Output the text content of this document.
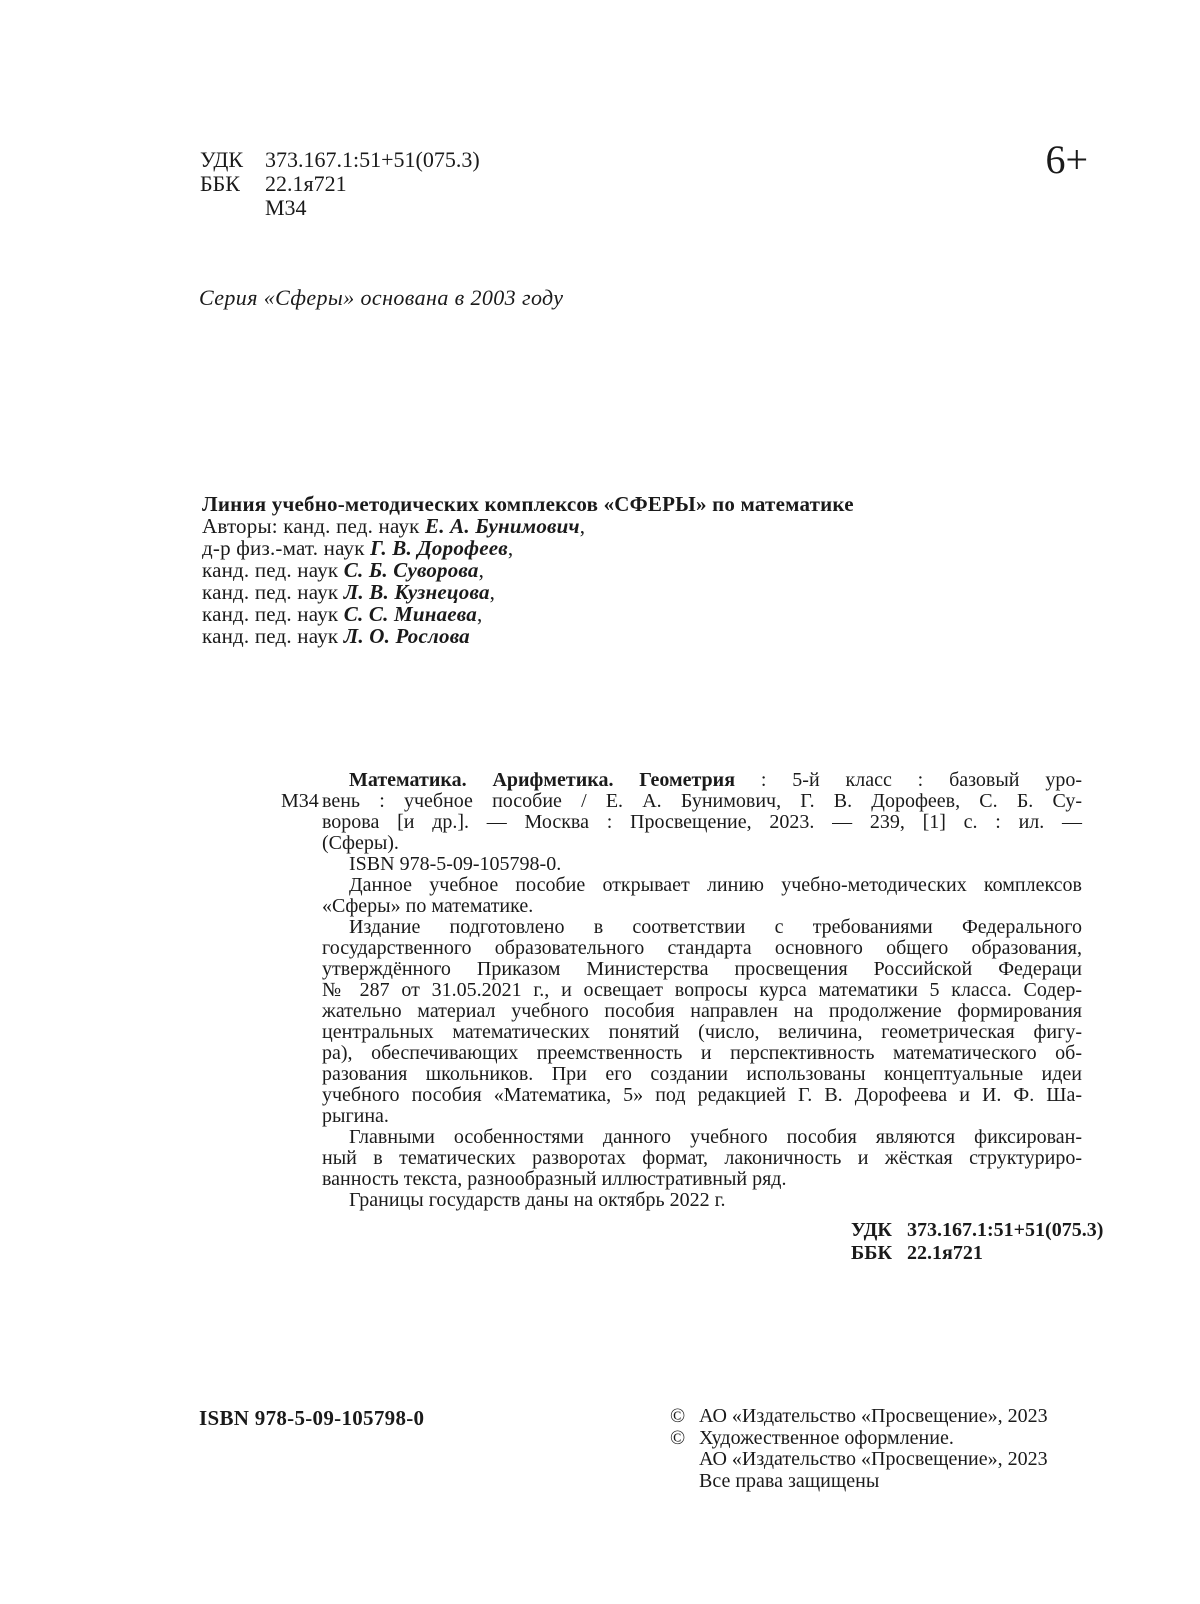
УДК 373.167.1:51+51(075.3)
ББК	22.1я721
М34
6+
Серия «Сферы» основана в 2003 году
Линия учебно-методических комплексов «СФЕРЫ» по математике
Авторы: канд. пед. наук Е. А. Бунимович,
д-р физ.-мат. наук Г. В. Дорофеев,
канд. пед. наук С. Б. Суворова,
канд. пед. наук Л. В. Кузнецова,
канд. пед. наук С. С. Минаева,
канд. пед. наук Л. О. Рослова
М34
Математика. Арифметика. Геометрия : 5-й класс : базовый уро-
вень : учебное пособие / Е. А. Бунимович, Г. В. Дорофеев, С. Б. Су-
ворова [и др.]. — Москва : Просвещение, 2023. — 239, [1] с. : ил. —
(Сферы).
ISBN 978-5-09-105798-0.
Данное учебное пособие открывает линию учебно-методических комплексов
«Сферы» по математике.
Издание подготовлено в соответствии с требованиями Федерального
государственного образовательного стандарта основного общего образования,
утверждённого Приказом Министерства просвещения Российской Федераци
№ 287 от 31.05.2021 г., и освещает вопросы курса математики 5 класса. Содер-
жательно материал учебного пособия направлен на продолжение формирования
центральных математических понятий (число, величина, геометрическая фигу-
ра), обеспечивающих преемственность и перспективность математического об-
разования школьников. При его создании использованы концептуальные идеи
учебного пособия «Математика, 5» под редакцией Г. В. Дорофеева и И. Ф. Ша-
рыгина.
Главными особенностями данного учебного пособия являются фиксирован-
ный в тематических разворотах формат, лаконичность и жёсткая структуриро-
ванность текста, разнообразный иллюстративный ряд.
Границы государств даны на октябрь 2022 г.
УДК 373.167.1:51+51(075.3)
ББК 22.1я721
ISBN 978-5-09-105798-0	© АО «Издательство «Просвещение», 2023
© Художественное оформление.
АО «Издательство «Просвещение», 2023
Все права защищены
